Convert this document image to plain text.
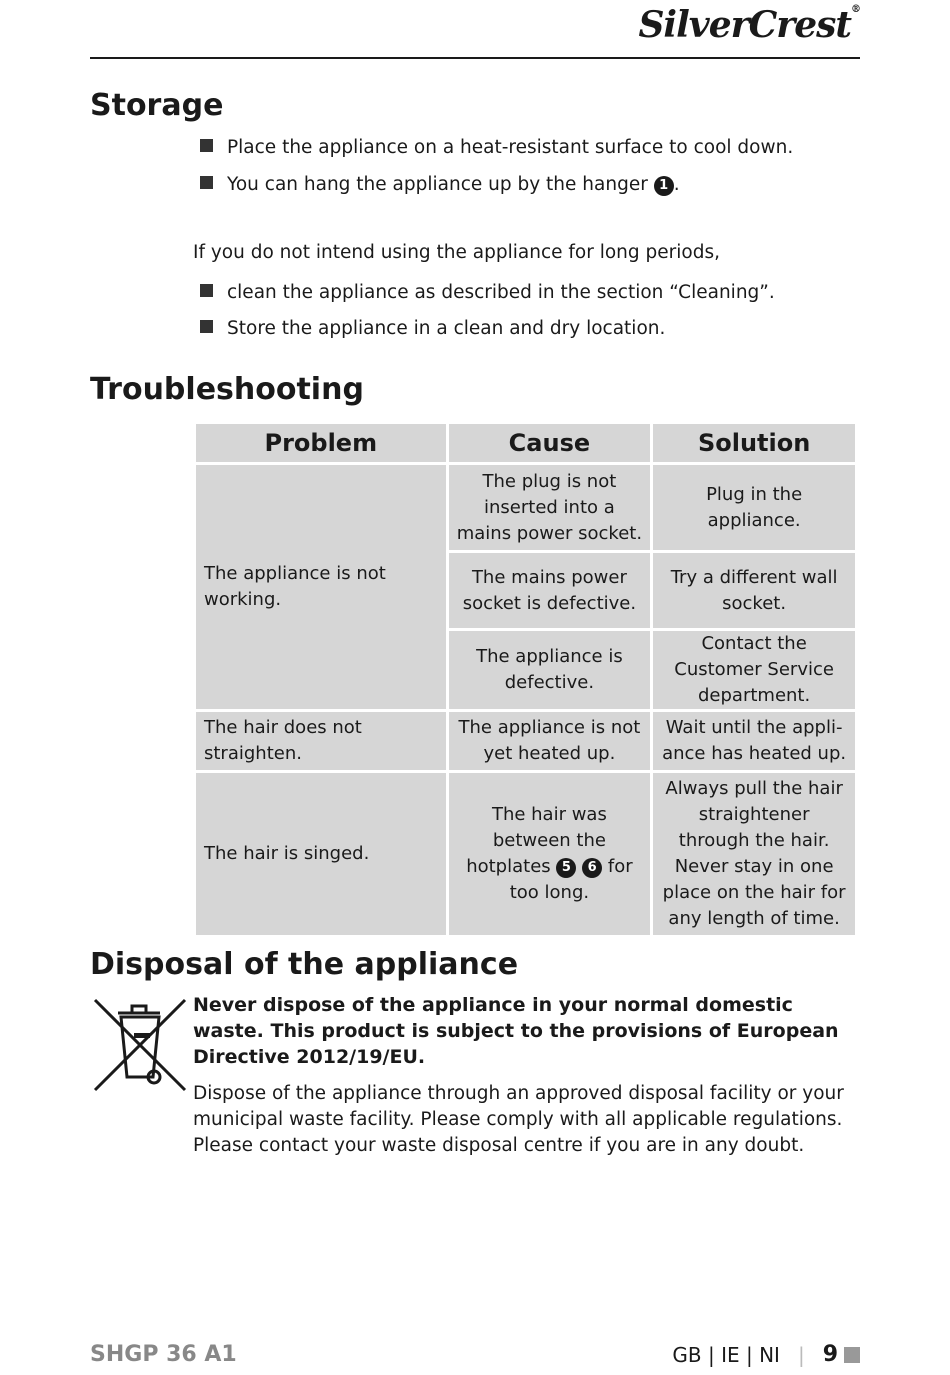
SilverCrest®
Storage
Place the appliance on a heat-resistant surface to cool down.
You can hang the appliance up by the hanger 1 .
If you do not intend using the appliance for long periods,
clean the appliance as described in the section “Cleaning”.
Store the appliance in a clean and dry location.
Troubleshooting
Problem	Cause	Solution
The appliance is not working.	The plug is not inserted into a mains power socket.	Plug in the appliance.
	The mains power socket is defective.	Try a different wall socket.
	The appliance is defective.	Contact the Customer Service department.
The hair does not straighten.	The appliance is not yet heated up.	Wait until the appli-ance has heated up.
The hair is singed.	The hair was between the hotplates 5 6 for too long.	Always pull the hair straightener through the hair.
Never stay in one place on the hair for any length of time.
Disposal of the appliance
Never dispose of the appliance in your normal domestic waste. This product is subject to the provisions of European Directive 2012/19/EU.
Dispose of the appliance through an approved disposal facility or your municipal waste facility. Please comply with all applicable regulations. Please contact your waste disposal centre if you are in any doubt.
SHGP 36 A1	GB | IE | NI | 9
